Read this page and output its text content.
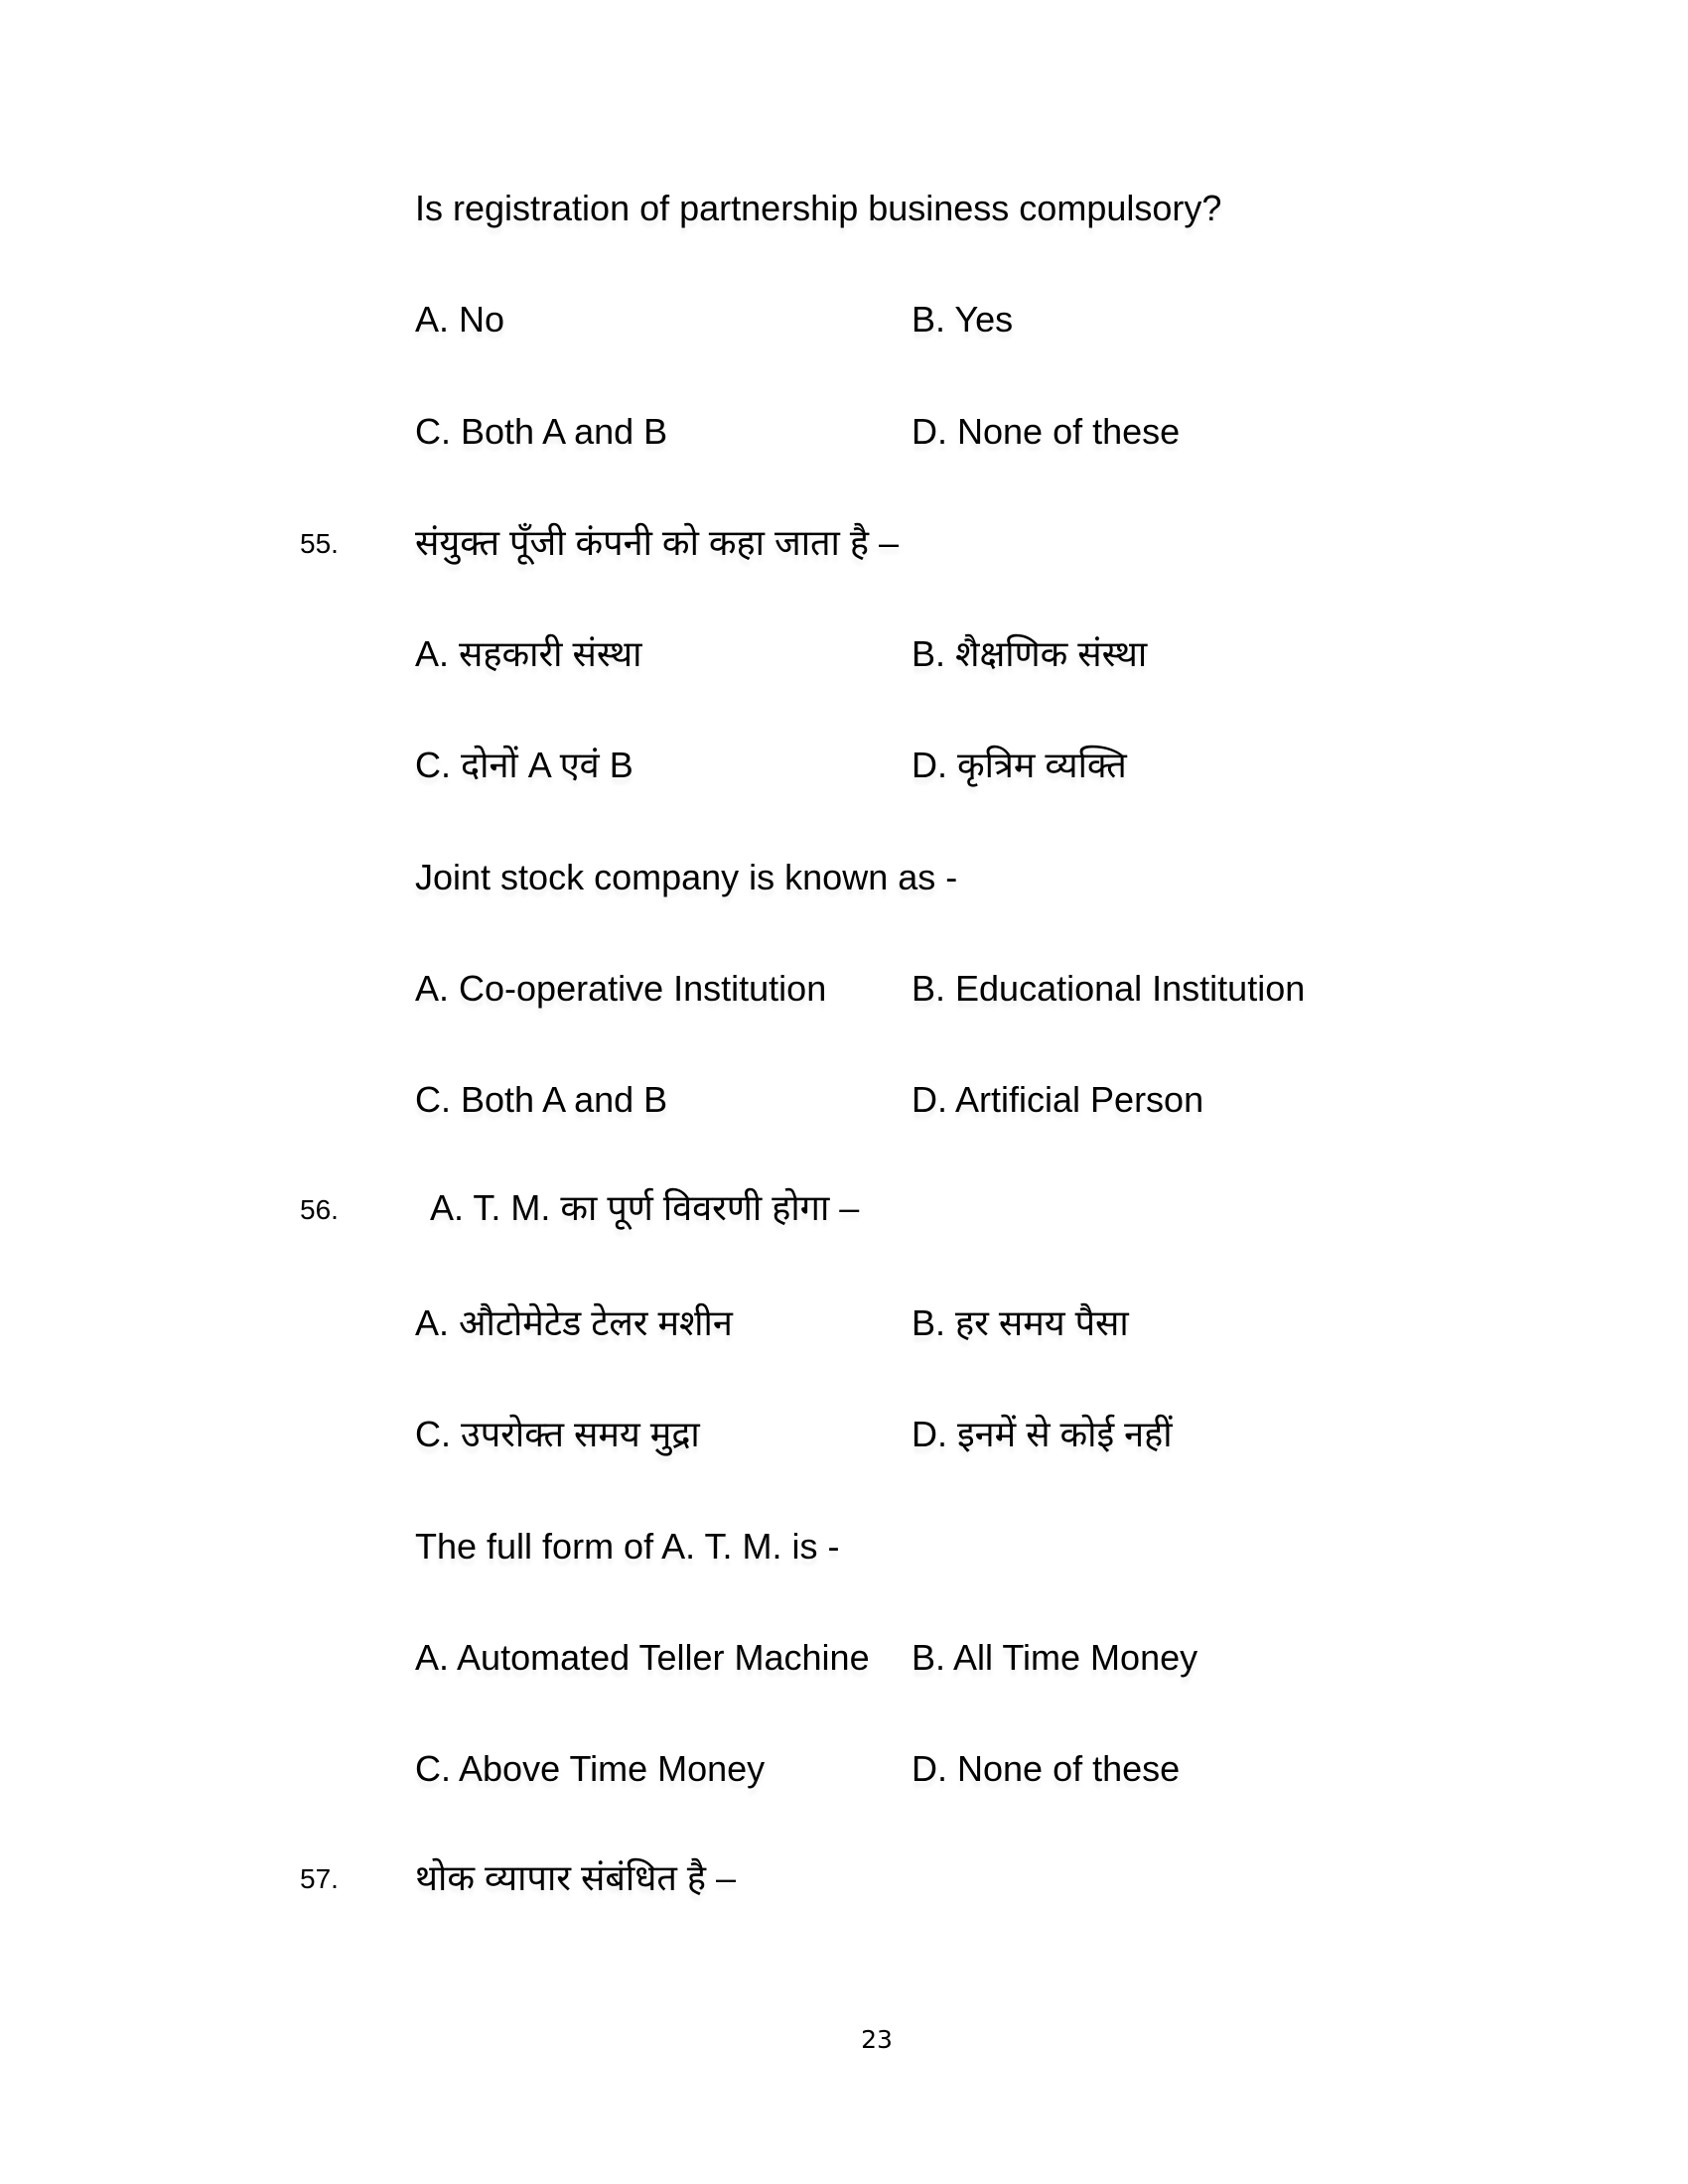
Is registration of partnership business compulsory?
A. No	B. Yes
C. Both A and B	D. None of these
55. संयुक्त पूँजी कंपनी को कहा जाता है –
A. सहकारी संस्था	B. शैक्षणिक संस्था
C. दोनों A एवं B	D. कृत्रिम व्यक्ति
Joint stock company is known as -
A. Co-operative Institution B. Educational Institution
C. Both A and B	D. Artificial Person
56.	A. T. M. का पूर्ण विवरणी होगा –
A. औटोमेटेड टेलर मशीन	B. हर समय पैसा
C. उपरोक्त समय मुद्रा	D. इनमें से कोई नहीं
The full form of A. T. M. is -
A. Automated Teller Machine B. All Time Money
C. Above Time Money	D. None of these
57. थोक व्यापार संबंधित है –
23
